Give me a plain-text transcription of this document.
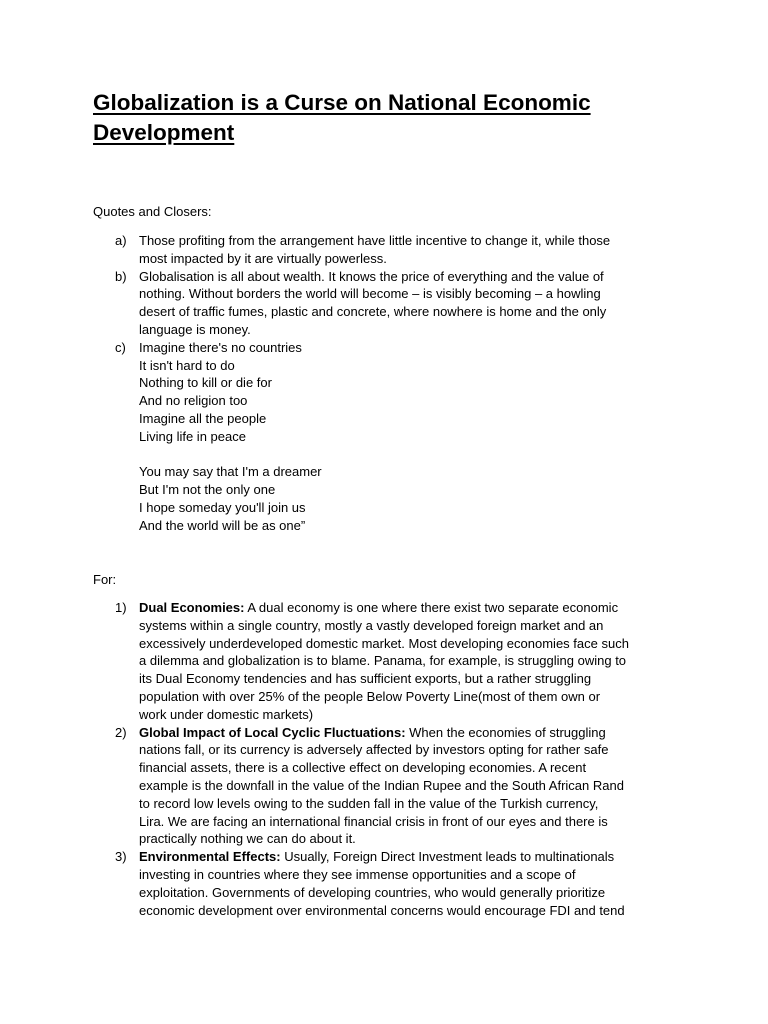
Globalization is a Curse on National Economic
Development
Quotes and Closers:
a) Those profiting from the arrangement have little incentive to change it, while those
most impacted by it are virtually powerless.
b) Globalisation is all about wealth. It knows the price of everything and the value of
nothing. Without borders the world will become – is visibly becoming – a howling
desert of traffic fumes, plastic and concrete, where nowhere is home and the only
language is money.
c) Imagine there's no countries
It isn't hard to do
Nothing to kill or die for
And no religion too
Imagine all the people
Living life in peace
You may say that I'm a dreamer
But I'm not the only one
I hope someday you'll join us
And the world will be as one”
For:
1) Dual Economies: A dual economy is one where there exist two separate economic
systems within a single country, mostly a vastly developed foreign market and an
excessively underdeveloped domestic market. Most developing economies face such
a dilemma and globalization is to blame. Panama, for example, is struggling owing to
its Dual Economy tendencies and has sufficient exports, but a rather struggling
population with over 25% of the people Below Poverty Line(most of them own or
work under domestic markets)
2) Global Impact of Local Cyclic Fluctuations: When the economies of struggling
nations fall, or its currency is adversely affected by investors opting for rather safe
financial assets, there is a collective effect on developing economies. A recent
example is the downfall in the value of the Indian Rupee and the South African Rand
to record low levels owing to the sudden fall in the value of the Turkish currency,
Lira. We are facing an international financial crisis in front of our eyes and there is
practically nothing we can do about it.
3) Environmental Effects: Usually, Foreign Direct Investment leads to multinationals
investing in countries where they see immense opportunities and a scope of
exploitation. Governments of developing countries, who would generally prioritize
economic development over environmental concerns would encourage FDI and tend
